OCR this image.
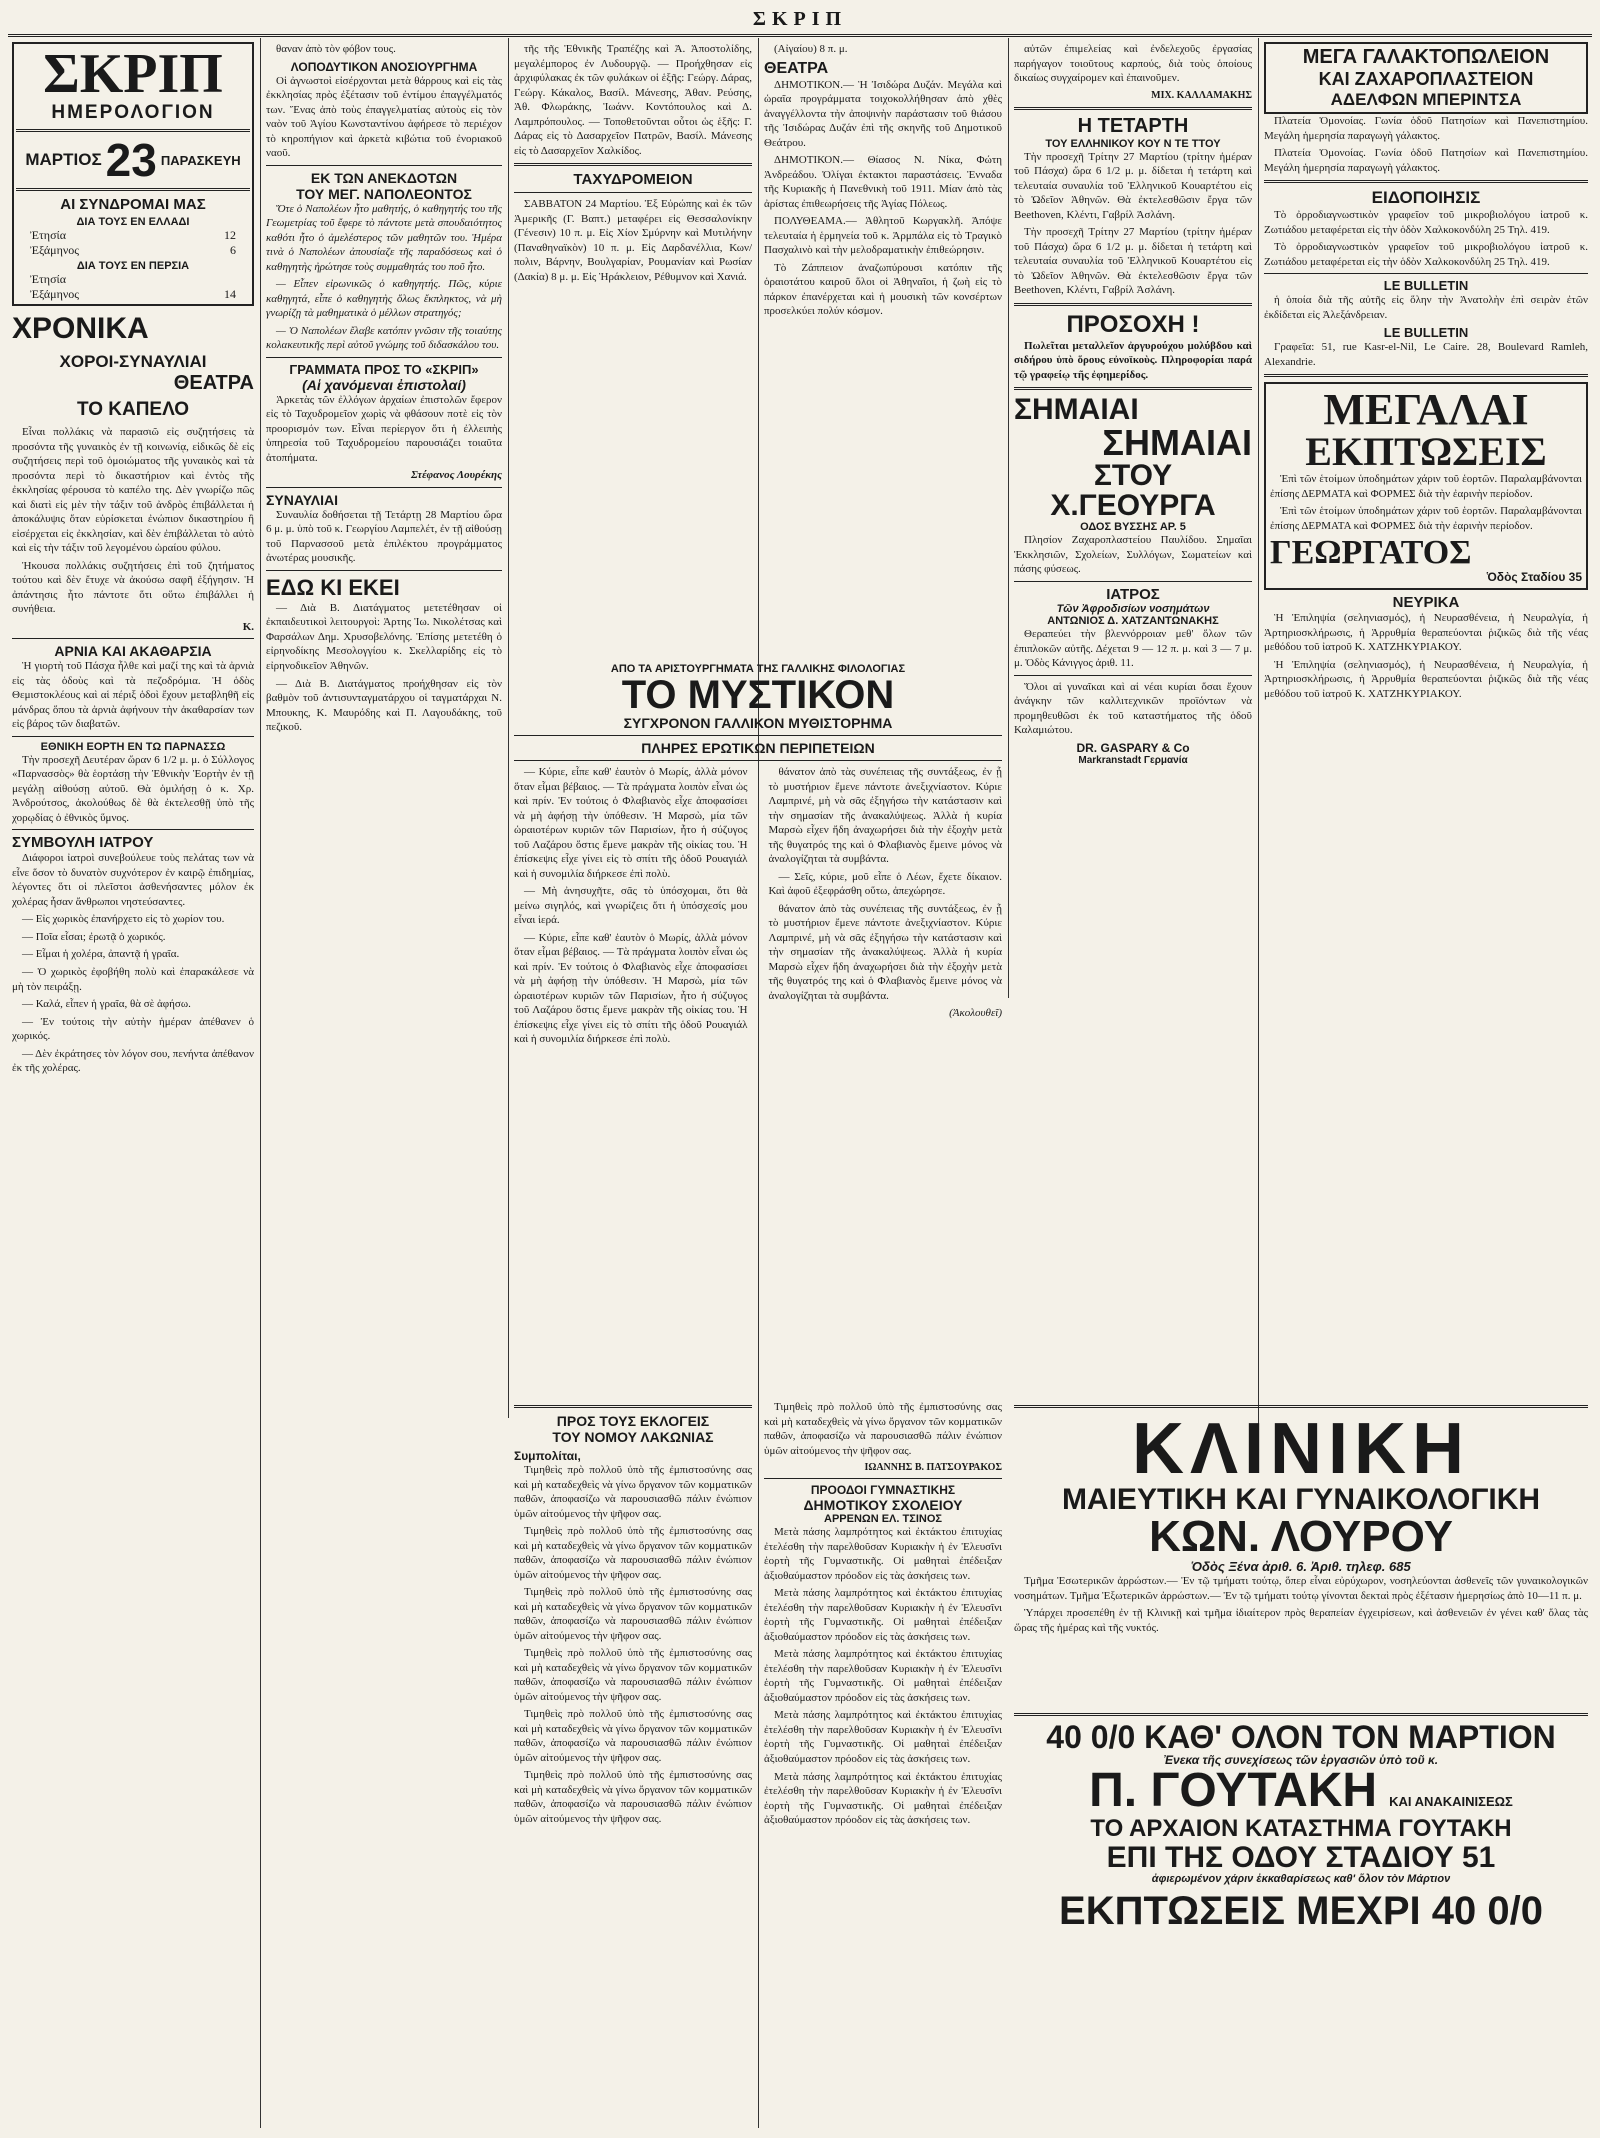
ΣΚΡΙΠ
ΣΚΡΙΠ
ΗΜΕΡΟΛΟΓΙΟΝ
ΜΑΡΤΙΟΣ 23 ΠΑΡΑΣΚΕΥΗ
ΑΙ ΣΥΝΔΡΟΜΑΙ ΜΑΣ
ΔΙΑ ΤΟΥΣ ΕΝ ΕΛΛΑΔΙ
Ἐτησία	12
Ἐξάμηνος	6
ΔΙΑ ΤΟΥΣ ΕΝ ΠΕΡΣΙΑ
Ἐτησία
Ἐξάμηνος	14
ΧΡΟΝΙΚΑ
ΧΟΡΟΙ-ΣΥΝΑΥΛΙΑΙ
ΘΕΑΤΡΑ
ΤΟ ΚΑΠΕΛΟ

Εἶναι πολλάκις νὰ παρασιῶ εἰς συζητήσεις τὰ προσόντα τῆς γυναικὸς ἐν τῇ κοινωνίᾳ, εἰδικῶς δὲ εἰς συζητήσεις περὶ τοῦ ὁμοιώματος τῆς γυναικὸς καὶ τὰ προσόντα περὶ τὸ δικαστήριον καὶ ἐντὸς τῆς ἐκκλησίας φέρουσα τὸ καπέλο της. Δὲν γνωρίζω πῶς καὶ διατὶ εἰς μὲν τὴν τάξιν τοῦ ἀνδρὸς ἐπιβάλλεται ἡ ἀποκάλυψις ὅταν εὑρίσκεται ἐνώπιον δικαστηρίου ἢ εἰσέρχεται εἰς ἐκκλησίαν, καὶ δὲν ἐπιβάλλεται τὸ αὐτὸ καὶ εἰς τὴν τάξιν τοῦ λεγομένου ὡραίου φύλου.

Ἠκουσα πολλάκις συζητήσεις ἐπὶ τοῦ ζητήματος τούτου καὶ δὲν ἔτυχε νὰ ἀκούσω σαφῆ ἐξήγησιν. Ἡ ἀπάντησις ἦτο πάντοτε ὅτι οὕτω ἐπιβάλλει ἡ συνήθεια.

Κ.
ΑΡΝΙΑ ΚΑΙ ΑΚΑΘΑΡΣΙΑ

Ἡ γιορτὴ τοῦ Πάσχα ἦλθε καὶ μαζί της καὶ τὰ ἀρνιὰ εἰς τὰς ὁδοὺς καὶ τὰ πεζοδρόμια. Ἡ ὁδὸς Θεμιστοκλέους καὶ αἱ πέριξ ὁδοὶ ἔχουν μεταβληθῆ εἰς μάνδρας ὅπου τὰ ἀρνιὰ ἀφήνουν τὴν ἀκαθαρσίαν των εἰς βάρος τῶν διαβατῶν.

ΕΘΝΙΚΗ ΕΟΡΤΗ ΕΝ ΤΩ ΠΑΡΝΑΣΣΩ

Τὴν προσεχῆ Δευτέραν ὥραν 6 1/2 μ. μ. ὁ Σύλλογος «Παρνασσὸς» θὰ ἑορτάσῃ τὴν Ἐθνικὴν Ἑορτὴν ἐν τῇ μεγάλῃ αἰθούσῃ αὐτοῦ. Θὰ ὁμιλήσῃ ὁ κ. Χρ. Ἀνδρούτσος, ἀκολούθως δὲ θὰ ἐκτελεσθῇ ὑπὸ τῆς χορῳδίας ὁ ἐθνικὸς ὕμνος.

ΣΥΜΒΟΥΛΗ ΙΑΤΡΟΥ

Διάφοροι ἰατροὶ συνεβούλευε τοὺς πελάτας των νὰ εἶνε ὅσον τὸ δυνατὸν συχνότερον ἐν καιρῷ ἐπιδημίας, λέγοντες ὅτι οἱ πλεῖστοι ἀσθενήσαντες μόλον ἐκ χολέρας ἦσαν ἄνθρωποι νηστεύσαντες.

— Εἰς χωρικὸς ἐπανήρχετο εἰς τὸ χωρίον του.

— Ποῖα εἶσαι; ἐρωτᾷ ὁ χωρικός.

— Εἶμαι ἡ χολέρα, ἀπαντᾷ ἡ γραῖα.

— Ὁ χωρικὸς ἐφοβήθη πολὺ καὶ ἐπαρακάλεσε νὰ μὴ τὸν πειράξῃ.

— Καλά, εἶπεν ἡ γραῖα, θὰ σὲ ἀφήσω.

— Ἐν τούτοις τὴν αὐτὴν ἡμέραν ἀπέθανεν ὁ χωρικός.

— Δὲν ἐκράτησες τὸν λόγον σου, πενήντα ἀπέθανον ἐκ τῆς χολέρας.

θαναν ἀπὸ τὸν φόβον τους.

ΛΟΠΟΔΥΤΙΚΟΝ ΑΝΟΣΙΟΥΡΓΗΜΑ

Οἱ ἀγνωστοὶ εἰσέρχονται μετὰ θάρρους καὶ εἰς τὰς ἐκκλησίας πρὸς ἐξέτασιν τοῦ ἐντίμου ἐπαγγέλματός των. Ἕνας ἀπὸ τοὺς ἐπαγγελματίας αὐτοὺς εἰς τὸν ναὸν τοῦ Ἁγίου Κωνσταντίνου ἀφήρεσε τὸ περιέχον τὸ κηροπήγιον καὶ ἀρκετὰ κιβώτια τοῦ ἐνοριακοῦ ναοῦ.

ΕΚ ΤΩΝ ΑΝΕΚΔΟΤΩΝ
ΤΟΥ ΜΕΓ. ΝΑΠΟΛΕΟΝΤΟΣ

Ὅτε ὁ Ναπολέων ἦτο μαθητής, ὁ καθηγητής του τῆς Γεωμετρίας τοῦ ἔφερε τὸ πάντοτε μετὰ σπουδαιότητος καθότι ἦτο ὁ ἀμελέστερος τῶν μαθητῶν του. Ἡμέρα τινὰ ὁ Ναπολέων ἀπουσίαζε τῆς παραδόσεως καὶ ὁ καθηγητὴς ἠρώτησε τοὺς συμμαθητάς του ποῦ ἦτο.

— Εἶπεν εἰρωνικῶς ὁ καθηγητής. Πῶς, κύριε καθηγητά, εἶπε ὁ καθηγητὴς ὅλως ἔκπληκτος, νὰ μὴ γνωρίζῃ τὰ μαθηματικὰ ὁ μέλλων στρατηγός;

— Ὁ Ναπολέων ἔλαβε κατόπιν γνῶσιν τῆς τοιαύτης κολακευτικῆς περὶ αὐτοῦ γνώμης τοῦ διδασκάλου του.

ΓΡΑΜΜΑΤΑ ΠΡΟΣ ΤΟ «ΣΚΡΙΠ»
(Αἱ χανόμεναι ἐπιστολαί)

Ἀρκετὰς τῶν ἐλλόγων ἀρχαίων ἐπιστολῶν ἔφερον εἰς τὸ Ταχυδρομεῖον χωρὶς νὰ φθάσουν ποτὲ εἰς τὸν προορισμόν των. Εἶναι περίεργον ὅτι ἡ ἐλλειπὴς ὑπηρεσία τοῦ Ταχυδρομείου παρουσιάζει τοιαῦτα ἀτοπήματα.

Στέφανος Λουρέκης
ΣΥΝΑΥΛΙΑΙ

Συναυλία δοθήσεται τῇ Τετάρτῃ 28 Μαρτίου ὥρα 6 μ. μ. ὑπὸ τοῦ κ. Γεωργίου Λαμπελέτ, ἐν τῇ αἰθούσῃ τοῦ Παρνασσοῦ μετὰ ἐπιλέκτου προγράμματος ἀνωτέρας μουσικῆς.

ΕΔΩ ΚΙ ΕΚΕΙ

— Διὰ Β. Διατάγματος μετετέθησαν οἱ ἐκπαιδευτικοὶ λειτουργοὶ: Ἀρτης Ἰω. Νικολέτσας καὶ Φαρσάλων Δημ. Χρυσοβελόνης. Ἐπίσης μετετέθη ὁ εἰρηνοδίκης Μεσολογγίου κ. Σκελλαρίδης εἰς τὸ εἰρηνοδικεῖον Ἀθηνῶν.

— Διὰ Β. Διατάγματος προήχθησαν εἰς τὸν βαθμὸν τοῦ ἀντισυνταγματάρχου οἱ ταγματάρχαι Ν. Μπουκης, Κ. Μαυρόδης καὶ Π. Λαγουδάκης, τοῦ πεζικοῦ.

τῆς τῆς Ἐθνικῆς Τραπέζης καὶ Ἀ. Ἀποστολίδης, μεγαλέμπορος ἐν Λυδουργῷ. — Προήχθησαν εἰς ἀρχιφύλακας ἐκ τῶν φυλάκων οἱ ἑξῆς: Γεώργ. Δάρας, Γεώργ. Κάκαλος, Βασίλ. Μάνεσης, Ἀθαν. Ρεύσης, Ἀθ. Φλωράκης, Ἰωάνν. Κοντόπουλος καὶ Δ. Λαμπρόπουλος. — Τοποθετοῦνται οὗτοι ὡς ἑξῆς: Γ. Δάρας εἰς τὸ Δασαρχεῖον Πατρῶν, Βασίλ. Μάνεσης εἰς τὸ Δασαρχεῖον Χαλκίδος.

ΤΑΧΥΔΡΟΜΕΙΟΝ

ΣΑΒΒΑΤΟΝ 24 Μαρτίου. Ἐξ Εὐρώπης καὶ ἐκ τῶν Ἀμερικῆς (Γ. Βαπτ.) μεταφέρει εἰς Θεσσαλονίκην (Γένεσιν) 10 π. μ. Εἰς Χίον Σμύρνην καὶ Μυτιλήνην (Παναθηναϊκὸν) 10 π. μ. Εἰς Δαρδανέλλια, Κων/πολιν, Βάρνην, Βουλγαρίαν, Ρουμανίαν καὶ Ρωσίαν (Δακία) 8 μ. μ. Εἰς Ἡράκλειον, Ρέθυμνον καὶ Χανιά.

(Αἰγαίου) 8 π. μ.

ΘΕΑΤΡΑ

ΔΗΜΟΤΙΚΟΝ.— Ἡ Ἰσιδώρα Δυζάν. Μεγάλα καὶ ὡραῖα προγράμματα τοιχοκολλήθησαν ἀπὸ χθὲς ἀναγγέλλοντα τὴν ἀποψινὴν παράστασιν τοῦ θιάσου τῆς Ἰσιδώρας Δυζάν ἐπὶ τῆς σκηνῆς τοῦ Δημοτικοῦ Θεάτρου.

ΔΗΜΟΤΙΚΟΝ.— Θίασος Ν. Νίκα, Φώτη Ἀνδρεάδου. Ὀλίγαι ἐκτακτοι παραστάσεις. Ἐνναδα τῆς Κυριακῆς ἡ Πανεθνικὴ τοῦ 1911. Μίαν ἀπὸ τὰς ἀρίστας ἐπιθεωρήσεις τῆς Ἀγίας Πόλεως.

ΠΟΛΥΘΕΑΜΑ.— Ἀθλητοῦ Κωργακλῆ. Ἀπόψε τελευταία ἡ ἑρμηνεία τοῦ κ. Ἀρμπάλα εἰς τὸ Τραγικὸ Πασχαλινὸ καὶ τὴν μελοδραματικὴν ἐπιθεώρησιν.

Τὸ Ζάππειον ἀναζωπύρουσι κατόπιν τῆς ὁραιοτάτου καιροῦ ὅλοι οἱ Ἀθηναῖοι, ἡ ζωὴ εἰς τὸ πάρκον ἐπανέρχεται καὶ ἡ μουσικὴ τῶν κονσέρτων προσελκύει πολύν κόσμον.

ΑΠΟ ΤΑ ΑΡΙΣΤΟΥΡΓΗΜΑΤΑ ΤΗΣ ΓΑΛΛΙΚΗΣ ΦΙΛΟΛΟΓΙΑΣ
ΤΟ ΜΥΣΤΙΚΟΝ
ΣΥΓΧΡΟΝΟΝ ΓΑΛΛΙΚΟΝ ΜΥΘΙΣΤΟΡΗΜΑ
ΠΛΗΡΕΣ ΕΡΩΤΙΚΩΝ ΠΕΡΙΠΕΤΕΙΩΝ

— Κύριε, εἶπε καθ' ἑαυτὸν ὁ Μωρίς, ἀλλὰ μόνον ὅταν εἶμαι βέβαιος. — Τὰ πράγματα λοιπὸν εἶναι ὡς καὶ πρίν. Ἐν τούτοις ὁ Φλαβιανὸς εἶχε ἀποφασίσει νὰ μὴ ἀφήσῃ τὴν ὑπόθεσιν. Ἡ Μαρσὼ, μία τῶν ὡραιοτέρων κυριῶν τῶν Παρισίων, ἦτο ἡ σύζυγος τοῦ Λαζάρου ὅστις ἔμενε μακρὰν τῆς οἰκίας του. Ἡ ἐπίσκεψις εἶχε γίνει εἰς τὸ σπίτι τῆς ὁδοῦ Ρουαγιάλ καὶ ἡ συνομιλία διήρκεσε ἐπὶ πολὺ.

— Μὴ ἀνησυχῆτε, σᾶς τὸ ὑπόσχομαι, ὅτι θὰ μείνω σιγηλός, καὶ γνωρίζεις ὅτι ἡ ὑπόσχεσίς μου εἶναι ἱερά.

— Κύριε, εἶπε καθ' ἑαυτὸν ὁ Μωρίς, ἀλλὰ μόνον ὅταν εἶμαι βέβαιος. — Τὰ πράγματα λοιπὸν εἶναι ὡς καὶ πρίν. Ἐν τούτοις ὁ Φλαβιανὸς εἶχε ἀποφασίσει νὰ μὴ ἀφήσῃ τὴν ὑπόθεσιν. Ἡ Μαρσὼ, μία τῶν ὡραιοτέρων κυριῶν τῶν Παρισίων, ἦτο ἡ σύζυγος τοῦ Λαζάρου ὅστις ἔμενε μακρὰν τῆς οἰκίας του. Ἡ ἐπίσκεψις εἶχε γίνει εἰς τὸ σπίτι τῆς ὁδοῦ Ρουαγιάλ καὶ ἡ συνομιλία διήρκεσε ἐπὶ πολὺ.

θάνατον ἀπὸ τὰς συνέπειας τῆς συντάξεως, ἐν ᾗ τὸ μυστήριον ἔμενε πάντοτε ἀνεξιχνίαστον. Κύριε Λαμπρινέ, μὴ νὰ σᾶς ἐξηγήσω τὴν κατάστασιν καὶ τὴν σημασίαν τῆς ἀνακαλύψεως. Ἀλλὰ ἡ κυρία Μαρσὼ εἶχεν ἤδη ἀναχωρήσει διὰ τὴν ἐξοχὴν μετὰ τῆς θυγατρός της καὶ ὁ Φλαβιανὸς ἔμεινε μόνος νὰ ἀναλογίζηται τὰ συμβάντα.

— Σεῖς, κύριε, μοῦ εἶπε ὁ Λέων, ἔχετε δίκαιον. Καὶ ἀφοῦ ἐξεφράσθη οὕτω, ἀπεχώρησε.

θάνατον ἀπὸ τὰς συνέπειας τῆς συντάξεως, ἐν ᾗ τὸ μυστήριον ἔμενε πάντοτε ἀνεξιχνίαστον. Κύριε Λαμπρινέ, μὴ νὰ σᾶς ἐξηγήσω τὴν κατάστασιν καὶ τὴν σημασίαν τῆς ἀνακαλύψεως. Ἀλλὰ ἡ κυρία Μαρσὼ εἶχεν ἤδη ἀναχωρήσει διὰ τὴν ἐξοχὴν μετὰ τῆς θυγατρός της καὶ ὁ Φλαβιανὸς ἔμεινε μόνος νὰ ἀναλογίζηται τὰ συμβάντα.

(Ἀκολουθεῖ)
ΠΡΟΣ ΤΟΥΣ ΕΚΛΟΓΕΙΣ
ΤΟΥ ΝΟΜΟΥ ΛΑΚΩΝΙΑΣ
Συμπολίται,

Τιμηθεὶς πρὸ πολλοῦ ὑπὸ τῆς ἐμπιστοσύνης σας καὶ μὴ καταδεχθεὶς νὰ γίνω ὄργανον τῶν κομματικῶν παθῶν, ἀποφασίζω νὰ παρουσιασθῶ πάλιν ἐνώπιον ὑμῶν αἰτούμενος τὴν ψῆφον σας.

Τιμηθεὶς πρὸ πολλοῦ ὑπὸ τῆς ἐμπιστοσύνης σας καὶ μὴ καταδεχθεὶς νὰ γίνω ὄργανον τῶν κομματικῶν παθῶν, ἀποφασίζω νὰ παρουσιασθῶ πάλιν ἐνώπιον ὑμῶν αἰτούμενος τὴν ψῆφον σας.

Τιμηθεὶς πρὸ πολλοῦ ὑπὸ τῆς ἐμπιστοσύνης σας καὶ μὴ καταδεχθεὶς νὰ γίνω ὄργανον τῶν κομματικῶν παθῶν, ἀποφασίζω νὰ παρουσιασθῶ πάλιν ἐνώπιον ὑμῶν αἰτούμενος τὴν ψῆφον σας.

Τιμηθεὶς πρὸ πολλοῦ ὑπὸ τῆς ἐμπιστοσύνης σας καὶ μὴ καταδεχθεὶς νὰ γίνω ὄργανον τῶν κομματικῶν παθῶν, ἀποφασίζω νὰ παρουσιασθῶ πάλιν ἐνώπιον ὑμῶν αἰτούμενος τὴν ψῆφον σας.

Τιμηθεὶς πρὸ πολλοῦ ὑπὸ τῆς ἐμπιστοσύνης σας καὶ μὴ καταδεχθεὶς νὰ γίνω ὄργανον τῶν κομματικῶν παθῶν, ἀποφασίζω νὰ παρουσιασθῶ πάλιν ἐνώπιον ὑμῶν αἰτούμενος τὴν ψῆφον σας.

Τιμηθεὶς πρὸ πολλοῦ ὑπὸ τῆς ἐμπιστοσύνης σας καὶ μὴ καταδεχθεὶς νὰ γίνω ὄργανον τῶν κομματικῶν παθῶν, ἀποφασίζω νὰ παρουσιασθῶ πάλιν ἐνώπιον ὑμῶν αἰτούμενος τὴν ψῆφον σας.

Τιμηθεὶς πρὸ πολλοῦ ὑπὸ τῆς ἐμπιστοσύνης σας καὶ μὴ καταδεχθεὶς νὰ γίνω ὄργανον τῶν κομματικῶν παθῶν, ἀποφασίζω νὰ παρουσιασθῶ πάλιν ἐνώπιον ὑμῶν αἰτούμενος τὴν ψῆφον σας.

ΙΩΑΝΝΗΣ Β. ΠΑΤΣΟΥΡΑΚΟΣ
ΠΡΟΟΔΟΙ ΓΥΜΝΑΣΤΙΚΗΣ
ΔΗΜΟΤΙΚΟΥ ΣΧΟΛΕΙΟΥ
ΑΡΡΕΝΩΝ ΕΛ. ΤΣΙΝΟΣ

Μετὰ πάσης λαμπρότητος καὶ ἐκτάκτου ἐπιτυχίας ἐτελέσθη τὴν παρελθοῦσαν Κυριακὴν ἡ ἐν Ἐλευσῖνι ἑορτὴ τῆς Γυμναστικῆς. Οἱ μαθηταὶ ἐπέδειξαν ἀξιοθαύμαστον πρόοδον εἰς τὰς ἀσκήσεις των.

Μετὰ πάσης λαμπρότητος καὶ ἐκτάκτου ἐπιτυχίας ἐτελέσθη τὴν παρελθοῦσαν Κυριακὴν ἡ ἐν Ἐλευσῖνι ἑορτὴ τῆς Γυμναστικῆς. Οἱ μαθηταὶ ἐπέδειξαν ἀξιοθαύμαστον πρόοδον εἰς τὰς ἀσκήσεις των.

Μετὰ πάσης λαμπρότητος καὶ ἐκτάκτου ἐπιτυχίας ἐτελέσθη τὴν παρελθοῦσαν Κυριακὴν ἡ ἐν Ἐλευσῖνι ἑορτὴ τῆς Γυμναστικῆς. Οἱ μαθηταὶ ἐπέδειξαν ἀξιοθαύμαστον πρόοδον εἰς τὰς ἀσκήσεις των.

Μετὰ πάσης λαμπρότητος καὶ ἐκτάκτου ἐπιτυχίας ἐτελέσθη τὴν παρελθοῦσαν Κυριακὴν ἡ ἐν Ἐλευσῖνι ἑορτὴ τῆς Γυμναστικῆς. Οἱ μαθηταὶ ἐπέδειξαν ἀξιοθαύμαστον πρόοδον εἰς τὰς ἀσκήσεις των.

Μετὰ πάσης λαμπρότητος καὶ ἐκτάκτου ἐπιτυχίας ἐτελέσθη τὴν παρελθοῦσαν Κυριακὴν ἡ ἐν Ἐλευσῖνι ἑορτὴ τῆς Γυμναστικῆς. Οἱ μαθηταὶ ἐπέδειξαν ἀξιοθαύμαστον πρόοδον εἰς τὰς ἀσκήσεις των.

αὐτῶν ἐπιμελείας καὶ ἐνδελεχοῦς ἐργασίας παρήγαγον τοιοῦτους καρπούς, διὰ τοὺς ὁποίους δικαίως συγχαίρομεν καὶ ἐπαινοῦμεν.

ΜΙΧ. ΚΑΛΛΑΜΑΚΗΣ
Η ΤΕΤΑΡΤΗ
ΤΟΥ ΕΛΛΗΝΙΚΟΥ ΚΟΥ Ν ΤΕ ΤΤΟΥ

Τὴν προσεχῆ Τρίτην 27 Μαρτίου (τρίτην ἡμέραν τοῦ Πάσχα) ὥρα 6 1/2 μ. μ. δίδεται ἡ τετάρτη καὶ τελευταία συναυλία τοῦ Ἑλληνικοῦ Κουαρτέτου εἰς τὸ Ὠδεῖον Ἀθηνῶν. Θὰ ἐκτελεσθῶσιν ἔργα τῶν Beethoven, Κλέντι, Γαβρίλ Ἀσλάνη.

Τὴν προσεχῆ Τρίτην 27 Μαρτίου (τρίτην ἡμέραν τοῦ Πάσχα) ὥρα 6 1/2 μ. μ. δίδεται ἡ τετάρτη καὶ τελευταία συναυλία τοῦ Ἑλληνικοῦ Κουαρτέτου εἰς τὸ Ὠδεῖον Ἀθηνῶν. Θὰ ἐκτελεσθῶσιν ἔργα τῶν Beethoven, Κλέντι, Γαβρίλ Ἀσλάνη.

ΠΡΟΣΟΧΗ !

Πωλεῖται μεταλλεῖον ἀργυρούχου μολύβδου καὶ σιδήρου ὑπὸ ὅρους εὐνοϊκοὺς. Πληροφορίαι παρά τῷ γραφείῳ τῆς ἐφημερίδος.

ΣΗΜΑΙΑΙ
ΣΗΜΑΙΑΙ
ΣΤΟΥ Χ.ΓΕΟΥΡΓΑ
ΟΔΟΣ ΒΥΣΣΗΣ ΑΡ. 5

Πλησίον Ζαχαροπλαστείου Παυλίδου. Σημαῖαι Ἐκκλησιῶν, Σχολείων, Συλλόγων, Σωματείων καὶ πάσης φύσεως.

ΙΑΤΡΟΣ
Τῶν Ἀφροδισίων νοσημάτων
ΑΝΤΩΝΙΟΣ Δ. ΧΑΤΖΑΝΤΩΝΑΚΗΣ

Θεραπεύει τὴν βλεννόρροιαν μεθ' ὅλων τῶν ἐπιπλοκῶν αὐτῆς. Δέχεται 9 — 12 π. μ. καὶ 3 — 7 μ. μ. Ὁδὸς Κάνιγγος ἀριθ. 11.

Ὅλοι αἱ γυναῖκαι καὶ αἱ νέαι κυρίαι ὅσαι ἔχουν ἀνάγκην τῶν καλλιτεχνικῶν προϊόντων νὰ προμηθευθῶσι ἐκ τοῦ καταστήματος τῆς ὁδοῦ Καλαμιώτου.

DR. GASPARY & Co
Markranstadt Γερμανία
ΜΕΓΑ ΓΑΛΑΚΤΟΠΩΛΕΙΟΝ
ΚΑΙ ΖΑΧΑΡΟΠΛΑΣΤΕΙΟΝ
ΑΔΕΛΦΩΝ ΜΠΕΡΙΝΤΣΑ

Πλατεία Ὁμονοίας. Γωνία ὁδοῦ Πατησίων καὶ Πανεπιστημίου. Μεγάλη ἡμερησία παραγωγὴ γάλακτος.

Πλατεία Ὁμονοίας. Γωνία ὁδοῦ Πατησίων καὶ Πανεπιστημίου. Μεγάλη ἡμερησία παραγωγὴ γάλακτος.

ΕΙΔΟΠΟΙΗΣΙΣ

Τὸ ὀρροδιαγνωστικὸν γραφεῖον τοῦ μικροβιολόγου ἰατροῦ κ. Ζωτιάδου μεταφέρεται εἰς τὴν ὁδὸν Χαλκοκονδύλη 25 Τηλ. 419.

Τὸ ὀρροδιαγνωστικὸν γραφεῖον τοῦ μικροβιολόγου ἰατροῦ κ. Ζωτιάδου μεταφέρεται εἰς τὴν ὁδὸν Χαλκοκονδύλη 25 Τηλ. 419.

LE BULLETIN

ἡ ὁποία διὰ τῆς αὐτῆς εἰς ὅλην τὴν Ἀνατολὴν ἐπὶ σειρὰν ἐτῶν ἐκδίδεται εἰς Ἀλεξάνδρειαν.

LE BULLETIN

Γραφεῖα: 51, rue Kasr-el-Nil, Le Caire. 28, Boulevard Ramleh, Alexandrie.

ΜΕΓΑΛΑΙ
ΕΚΠΤΩΣΕΙΣ

Ἐπὶ τῶν ἑτοίμων ὑποδημάτων χάριν τοῦ ἑορτῶν. Παραλαμβάνονται ἐπίσης ΔΕΡΜΑΤΑ καὶ ΦΟΡΜΕΣ διὰ τὴν ἐαρινὴν περίοδον.

Ἐπὶ τῶν ἑτοίμων ὑποδημάτων χάριν τοῦ ἑορτῶν. Παραλαμβάνονται ἐπίσης ΔΕΡΜΑΤΑ καὶ ΦΟΡΜΕΣ διὰ τὴν ἐαρινὴν περίοδον.

ΓΕΩΡΓΑΤΟΣ
Ὁδὸς Σταδίου 35
ΝΕΥΡΙΚΑ

Ἡ Ἐπιληψία (σεληνιασμός), ἡ Νευρασθένεια, ἡ Νευραλγία, ἡ Ἀρτηριοσκλήρωσις, ἡ Ἀρρυθμία θεραπεύονται ῥιζικῶς διὰ τῆς νέας μεθόδου τοῦ ἰατροῦ Κ. ΧΑΤΖΗΚΥΡΙΑΚΟΥ.

Ἡ Ἐπιληψία (σεληνιασμός), ἡ Νευρασθένεια, ἡ Νευραλγία, ἡ Ἀρτηριοσκλήρωσις, ἡ Ἀρρυθμία θεραπεύονται ῥιζικῶς διὰ τῆς νέας μεθόδου τοῦ ἰατροῦ Κ. ΧΑΤΖΗΚΥΡΙΑΚΟΥ.

ΚΛΙΝΙΚΗ
ΜΑΙΕΥΤΙΚΗ ΚΑΙ ΓΥΝΑΙΚΟΛΟΓΙΚΗ
ΚΩΝ. ΛΟΥΡΟΥ
Ὁδὸς Ξένα ἀριθ. 6. Ἀριθ. τηλεφ. 685

Τμῆμα Ἐσωτερικῶν ἀρρώστων.— Ἐν τῷ τμήματι τούτῳ, ὅπερ εἶναι εὐρύχωρον, νοσηλεύονται ἀσθενεῖς τῶν γυναικολογικῶν νοσημάτων. Τμῆμα Ἐξωτερικῶν ἀρρώστων.— Ἐν τῷ τμήματι τούτῳ γίνονται δεκταὶ πρὸς ἐξέτασιν ἡμερησίως ἀπὸ 10—11 π. μ.

Ὑπάρχει προσεπέθη ἐν τῇ Κλινικῇ καὶ τμῆμα ἰδιαίτερον πρὸς θεραπείαν ἐγχειρίσεων, καὶ ἀσθενειῶν ἐν γένει καθ' ὅλας τὰς ὥρας τῆς ἡμέρας καὶ τῆς νυκτός.

40 0/0 ΚΑΘ' ΟΛΟΝ ΤΟΝ ΜΑΡΤΙΟΝ
Ἐνεκα τῆς συνεχίσεως τῶν ἐργασιῶν ὑπὸ τοῦ κ.
Π. ΓΟΥΤΑΚΗ ΚΑΙ ΑΝΑΚΑΙΝΙΣΕΩΣ
ΤΟ ΑΡΧΑΙΟΝ ΚΑΤΑΣΤΗΜΑ ΓΟΥΤΑΚΗ
ΕΠΙ ΤΗΣ ΟΔΟΥ ΣΤΑΔΙΟΥ 51
ἀφιερωμένον χάριν ἐκκαθαρίσεως καθ' ὅλον τὸν Μάρτιον
ΕΚΠΤΩΣΕΙΣ ΜΕΧΡΙ 40 0/0
